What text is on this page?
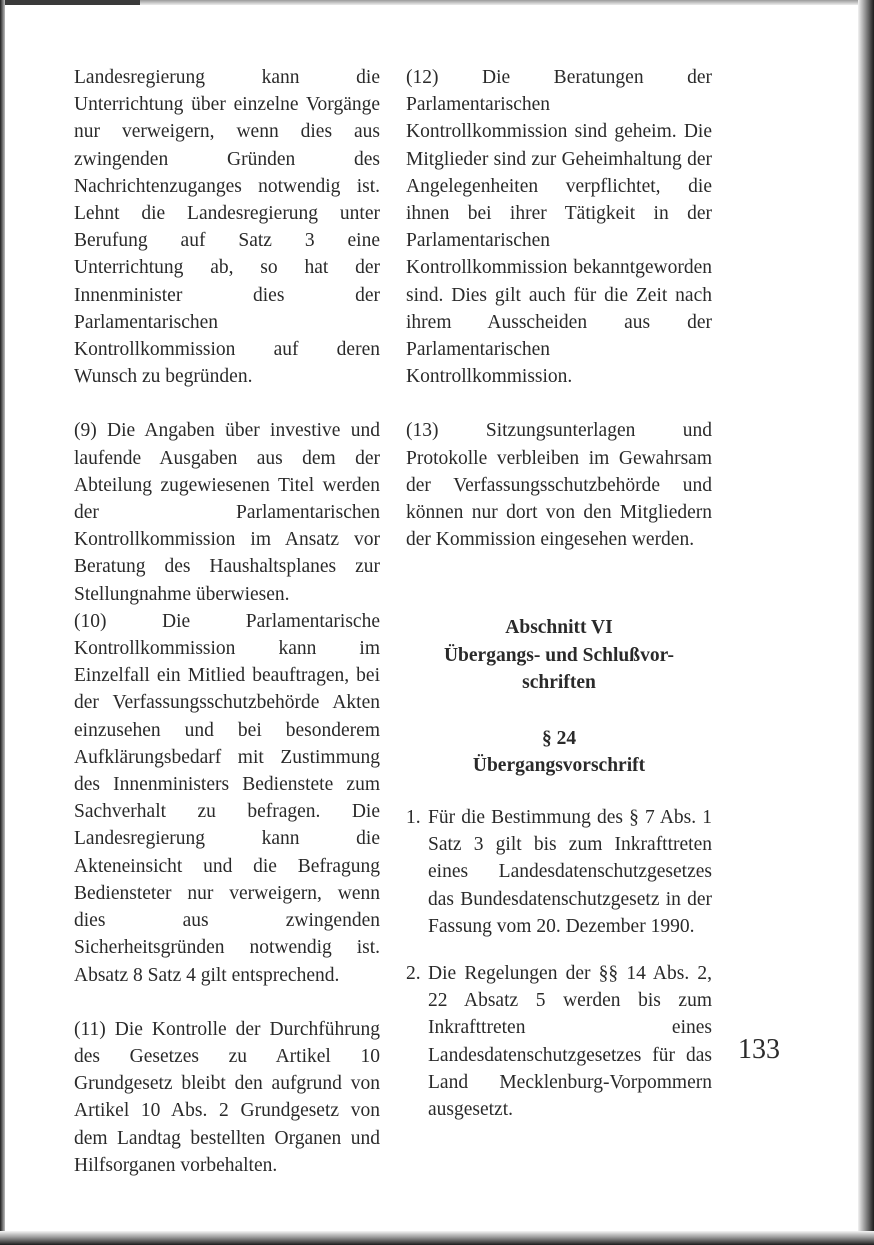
Landesregierung kann die Unterrichtung über einzelne Vorgänge nur verweigern, wenn dies aus zwingenden Gründen des Nachrichtenzuganges notwendig ist. Lehnt die Landesregierung unter Berufung auf Satz 3 eine Unterrichtung ab, so hat der Innenminister dies der Parlamentarischen Kontrollkommission auf deren Wunsch zu begründen.

(9) Die Angaben über investive und laufende Ausgaben aus dem der Abteilung zugewiesenen Titel werden der Parlamentarischen Kontrollkommission im Ansatz vor Beratung des Haushaltsplanes zur Stellungnahme überwiesen.

(10) Die Parlamentarische Kontrollkommission kann im Einzelfall ein Mitlied beauftragen, bei der Verfassungsschutzbehörde Akten einzusehen und bei besonderem Aufklärungsbedarf mit Zustimmung des Innenministers Bedienstete zum Sachverhalt zu befragen. Die Landesregierung kann die Akteneinsicht und die Befragung Bediensteter nur verweigern, wenn dies aus zwingenden Sicherheitsgründen notwendig ist. Absatz 8 Satz 4 gilt entsprechend.

(11) Die Kontrolle der Durchführung des Gesetzes zu Artikel 10 Grundgesetz bleibt den aufgrund von Artikel 10 Abs. 2 Grundgesetz von dem Landtag bestellten Organen und Hilfsorganen vorbehalten.

(12) Die Beratungen der Parlamentarischen Kontrollkommission sind geheim. Die Mitglieder sind zur Geheimhaltung der Angelegenheiten verpflichtet, die ihnen bei ihrer Tätigkeit in der Parlamentarischen Kontrollkommission bekanntgeworden sind. Dies gilt auch für die Zeit nach ihrem Ausscheiden aus der Parlamentarischen Kontrollkommission.

(13) Sitzungsunterlagen und Protokolle verbleiben im Gewahrsam der Verfassungsschutzbehörde und können nur dort von den Mitgliedern der Kommission eingesehen werden.

Abschnitt VI

Übergangs- und Schlußvor-

schriften

§ 24

Übergangsvorschrift

1. Für die Bestimmung des § 7 Abs. 1 Satz 3 gilt bis zum Inkrafttreten eines Landesdatenschutzgesetzes das Bundesdatenschutzgesetz in der Fassung vom 20. Dezember 1990.
2. Die Regelungen der §§ 14 Abs. 2, 22 Absatz 5 werden bis zum Inkrafttreten eines Landesdatenschutzgesetzes für das Land Mecklenburg-Vorpommern ausgesetzt.
133
